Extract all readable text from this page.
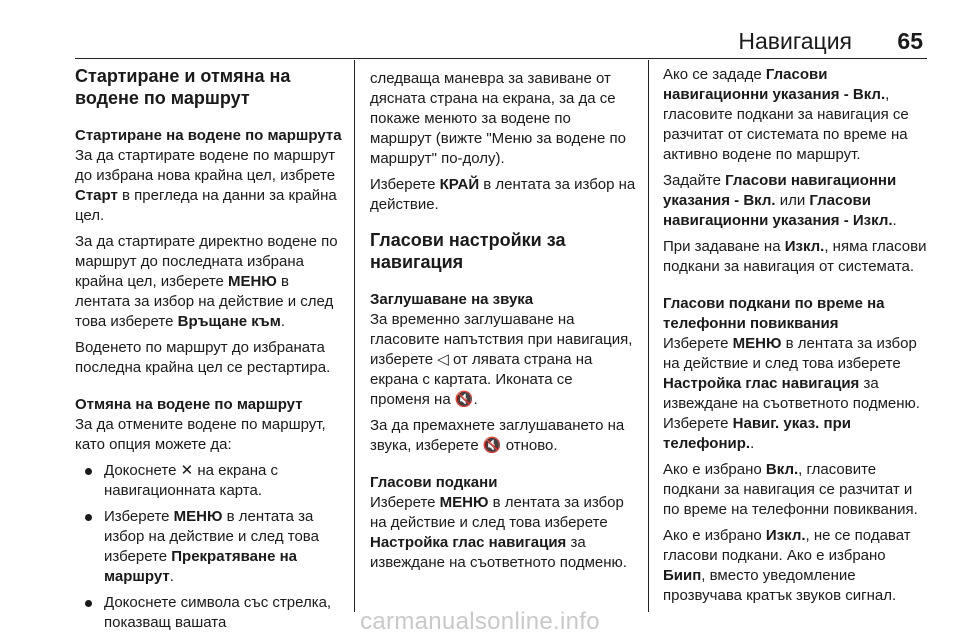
Навигация 65
Стартиране и отмяна на водене по маршрут
Стартиране на водене по маршрута
За да стартирате водене по маршрут до избрана нова крайна цел, избрете Старт в прегледа на данни за крайна цел.
За да стартирате директно водене по маршрут до последната избрана крайна цел, изберете МЕНЮ в лентата за избор на действие и след това изберете Връщане към.
Воденето по маршрут до избраната последна крайна цел се рестартира.
Отмяна на водене по маршрут
За да отмените водене по маршрут, като опция можете да:
Докоснете ✕ на екрана с навигационната карта.
Изберете МЕНЮ в лентата за избор на действие и след това изберете Прекратяване на маршрут.
Докоснете символа със стрелка, показващ вашата
следваща маневра за завиване от дясната страна на екрана, за да се покаже менюто за водене по маршрут (вижте "Меню за водене по маршрут" по-долу).
Изберете КРАЙ в лентата за избор на действие.
Гласови настройки за навигация
Заглушаване на звука
За временно заглушаване на гласовите напътствия при навигация, изберете ◁ от лявата страна на екрана с картата. Иконата се променя на 🔇.
За да премахнете заглушаването на звука, изберете 🔇 отново.
Гласови подкани
Изберете МЕНЮ в лентата за избор на действие и след това изберете Настройка глас навигация за извеждане на съответното подменю.
Ако се зададе Гласови навигационни указания - Вкл., гласовите подкани за навигация се разчитат от системата по време на активно водене по маршрут.
Задайте Гласови навигационни указания - Вкл. или Гласови навигационни указания - Изкл..
При задаване на Изкл., няма гласови подкани за навигация от системата.
Гласови подкани по време на телефонни повиквания
Изберете МЕНЮ в лентата за избор на действие и след това изберете Настройка глас навигация за извеждане на съответното подменю. Изберете Навиг. указ. при телефонир..
Ако е избрано Вкл., гласовите подкани за навигация се разчитат и по време на телефонни повиквания.
Ако е избрано Изкл., не се подават гласови подкани. Ако е избрано Биип, вместо уведомление прозвучава кратък звуков сигнал.
carmanualsonline.info
